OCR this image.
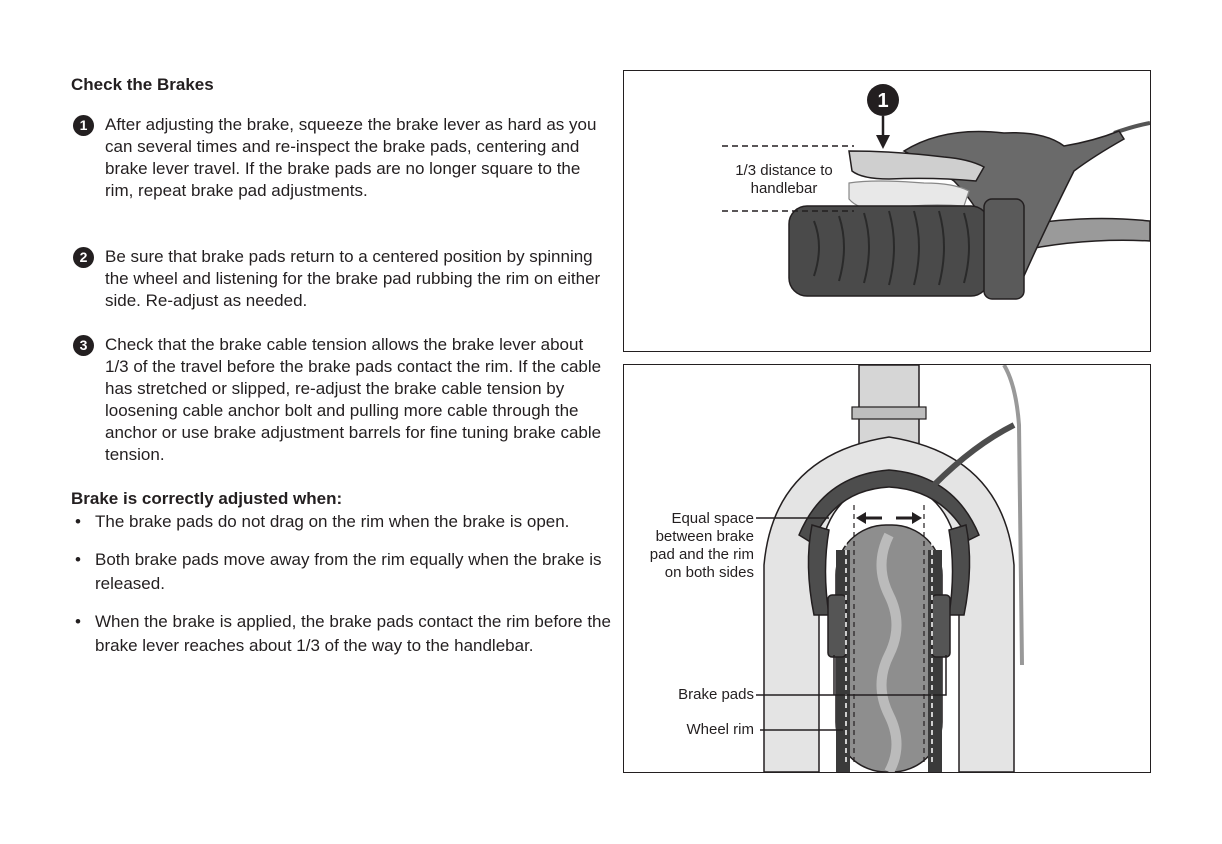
Check the Brakes

1	After adjusting the brake, squeeze the brake lever as hard as you can several times and re-inspect the brake pads, centering and brake lever travel. If the brake pads are no longer square to the rim, repeat brake pad adjustments.

2	Be sure that brake pads return to a centered position by spinning the wheel and listening for the brake pad rubbing the rim on either side. Re-adjust as needed.

3	Check that the brake cable tension allows the brake lever about 1/3 of the travel before the brake pads contact the rim. If the cable has stretched or slipped, re-adjust the brake cable tension by loosening cable anchor bolt and pulling more cable through the anchor or use brake adjustment barrels for fine tuning brake cable tension.

Brake is correctly adjusted when:

• The brake pads do not drag on the rim when the brake is open.
• Both brake pads move away from the rim equally when the brake is released.
• When the brake is applied, the brake pads contact the rim before the brake lever reaches about 1/3 of the way to the handlebar.
1
1/3 distance to
handlebar
Equal space
between brake
pad and the rim
on both sides
Brake pads
Wheel rim
